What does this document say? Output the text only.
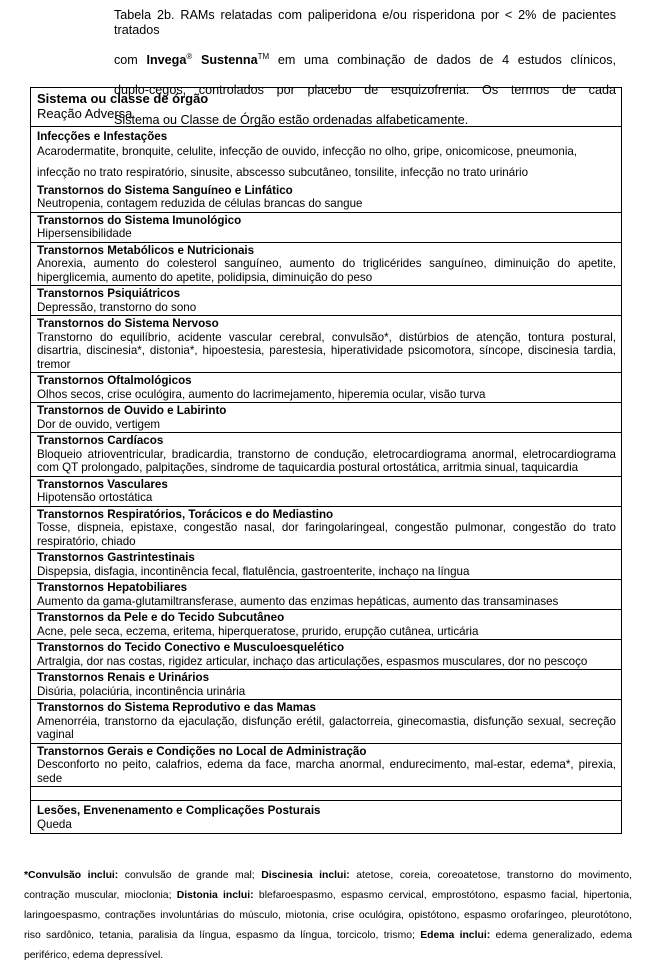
Tabela 2b. RAMs relatadas com paliperidona e/ou risperidona por < 2% de pacientes tratados

com Invega® Sustenna™ em uma combinação de dados de 4 estudos clínicos,

duplo-cegos, controlados por placebo de esquizofrenia. Os termos de cada

Sistema ou Classe de Órgão estão ordenadas alfabeticamente.

Sistema ou classe de órgão
Reação Adversa
Infecções e Infestações
Acarodermatite, bronquite, celulite, infecção de ouvido, infecção no olho, gripe, onicomicose, pneumonia,
infecção no trato respiratório, sinusite, abscesso subcutâneo, tonsilite, infecção no trato urinário
Transtornos do Sistema Sanguíneo e Linfático
Neutropenia, contagem reduzida de células brancas do sangue
Transtornos do Sistema Imunológico
Hipersensibilidade
Transtornos Metabólicos e Nutricionais
Anorexia, aumento do colesterol sanguíneo, aumento do triglicérides sanguíneo, diminuição do apetite, hiperglicemia, aumento do apetite, polidipsia, diminuição do peso
Transtornos Psiquiátricos
Depressão, transtorno do sono
Transtornos do Sistema Nervoso
Transtorno do equilíbrio, acidente vascular cerebral, convulsão*, distúrbios de atenção, tontura postural, disartria, discinesia*, distonia*, hipoestesia, parestesia, hiperatividade psicomotora, síncope, discinesia tardia, tremor
Transtornos Oftalmológicos
Olhos secos, crise oculógira, aumento do lacrimejamento, hiperemia ocular, visão turva
Transtornos de Ouvido e Labirinto
Dor de ouvido, vertigem
Transtornos Cardíacos
Bloqueio atrioventricular, bradicardia, transtorno de condução, eletrocardiograma anormal, eletrocardiograma com QT prolongado, palpitações, síndrome de taquicardia postural ortostática, arritmia sinual, taquicardia
Transtornos Vasculares
Hipotensão ortostática
Transtornos Respiratórios, Torácicos e do Mediastino
Tosse, dispneia, epistaxe, congestão nasal, dor faringolaringeal, congestão pulmonar, congestão do trato respiratório, chiado
Transtornos Gastrintestinais
Dispepsia, disfagia, incontinência fecal, flatulência, gastroenterite, inchaço na língua
Transtornos Hepatobiliares
Aumento da gama-glutamiltransferase, aumento das enzimas hepáticas, aumento das transaminases
Transtornos da Pele e do Tecido Subcutâneo
Acne, pele seca, eczema, eritema, hiperqueratose, prurido, erupção cutânea, urticária
Transtornos do Tecido Conectivo e Musculoesquelético
Artralgia, dor nas costas, rigidez articular, inchaço das articulações, espasmos musculares, dor no pescoço
Transtornos Renais e Urinários
Disúria, polaciúria, incontinência urinária
Transtornos do Sistema Reprodutivo e das Mamas
Amenorréia, transtorno da ejaculação, disfunção erétil, galactorreia, ginecomastia, disfunção sexual, secreção vaginal
Transtornos Gerais e Condições no Local de Administração
Desconforto no peito, calafrios, edema da face, marcha anormal, endurecimento, mal-estar, edema*, pirexia, sede
Lesões, Envenenamento e Complicações Posturais
Queda
*Convulsão inclui: convulsão de grande mal; Discinesia inclui: atetose, coreia, coreoatetose, transtorno do movimento, contração muscular, mioclonia; Distonia inclui: blefaroespasmo, espasmo cervical, emprostótono, espasmo facial, hipertonia, laringoespasmo, contrações involuntárias do músculo, miotonia, crise oculógira, opistótono, espasmo orofaríngeo, pleurotótono, riso sardônico, tetania, paralisia da língua, espasmo da língua, torcicolo, trismo; Edema inclui: edema generalizado, edema periférico, edema depressível.
